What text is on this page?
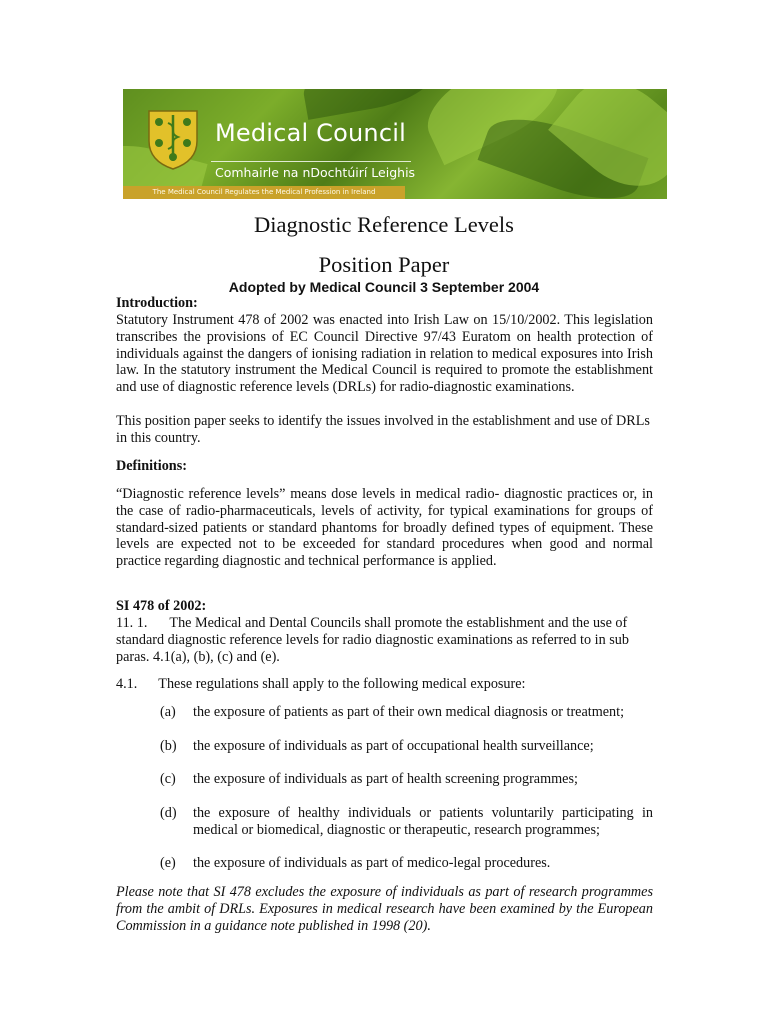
Medical Council
Comhairle na nDochtúirí Leighis
The Medical Council Regulates the Medical Profession in Ireland
Diagnostic Reference Levels
Position Paper
Adopted by Medical Council 3 September 2004
Introduction:
Statutory Instrument 478 of 2002 was enacted into Irish Law on 15/10/2002. This legislation transcribes the provisions of EC Council Directive 97/43 Euratom on health protection of individuals against the dangers of ionising radiation in relation to medical exposures into Irish law. In the statutory instrument the Medical Council is required to promote the establishment and use of diagnostic reference levels (DRLs) for radio-diagnostic examinations.
This position paper seeks to identify the issues involved in the establishment and use of DRLs in this country.
Definitions:
“Diagnostic reference levels” means dose levels in medical radio- diagnostic practices or, in the case of radio-pharmaceuticals, levels of activity, for typical examinations for groups of standard-sized patients or standard phantoms for broadly defined types of equipment. These levels are expected not to be exceeded for standard procedures when good and normal practice regarding diagnostic and technical performance is applied.
SI 478 of 2002:
11. 1. The Medical and Dental Councils shall promote the establishment and the use of standard diagnostic reference levels for radio diagnostic examinations as referred to in sub paras. 4.1(a), (b), (c) and (e).
4.1. These regulations shall apply to the following medical exposure:
(a) the exposure of patients as part of their own medical diagnosis or treatment;
(b) the exposure of individuals as part of occupational health surveillance;
(c) the exposure of individuals as part of health screening programmes;
(d) the exposure of healthy individuals or patients voluntarily participating in medical or biomedical, diagnostic or therapeutic, research programmes;
(e) the exposure of individuals as part of medico-legal procedures.
Please note that SI 478 excludes the exposure of individuals as part of research programmes from the ambit of DRLs. Exposures in medical research have been examined by the European Commission in a guidance note published in 1998 (20).
